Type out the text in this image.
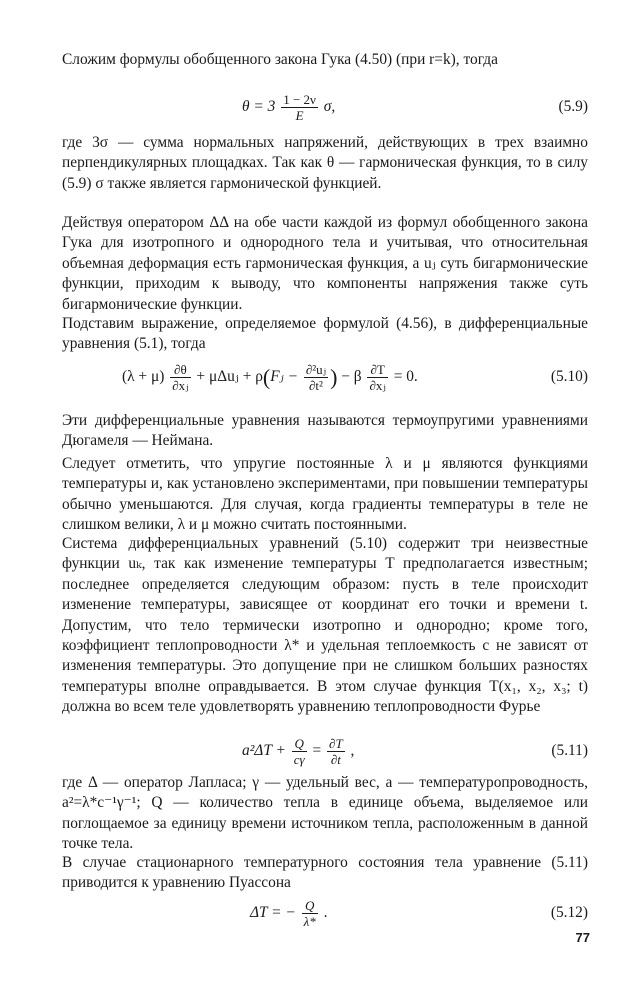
Сложим формулы обобщенного закона Гука (4.50) (при r=k), тогда

$\theta = 3 \frac{1 - 2\nu}{E} \sigma$,	(5.9)

где 3σ — сумма нормальных напряжений, действующих в трех взаимно перпендикулярных площадках. Так как θ — гармоническая функция, то в силу (5.9) σ также является гармонической функцией.

Действуя оператором ΔΔ на обе части каждой из формул обобщенного закона Гука для изотропного и однородного тела и учитывая, что относительная объемная деформация есть гармоническая функция, а uⱼ суть бигармонические функции, приходим к выводу, что компоненты напряжения также суть бигармонические функции.

Подставим выражение, определяемое формулой (4.56), в дифференциальные уравнения (5.1), тогда

$(\lambda + \mu) \frac{\partial\theta}{\text{∂xⱼ}}$ + μΔuⱼ + ρ(Fⱼ − $\frac{\text{∂²uⱼ}}{\text{∂t²}}$ ) − β $\frac{\partial T}{\text{∂xⱼ}} = 0$.	(5.10)

Эти дифференциальные уравнения называются термоупругими уравнениями Дюгамеля — Неймана.

Следует отметить, что упругие постоянные λ и μ являются функциями температуры и, как установлено экспериментами, при повышении температуры обычно уменьшаются. Для случая, когда градиенты температуры в теле не слишком велики, λ и μ можно считать постоянными.

Система дифференциальных уравнений (5.10) содержит три неизвестные функции uₖ, так как изменение температуры T предполагается известным; последнее определяется следующим образом: пусть в теле происходит изменение температуры, зависящее от координат его точки и времени t. Допустим, что тело термически изотропно и однородно; кроме того, коэффициент теплопроводности λ* и удельная теплоемкость c не зависят от изменения температуры. Это допущение при не слишком больших разностях температуры вполне оправдывается. В этом случае функция T(x₁, x₂, x₃; t) должна во всем теле удовлетворять уравнению теплопроводности Фурье

$a^2\Delta T + \frac{Q}{c\gamma} = \frac{\partial T}{\partial t}$ ,	(5.11)

где Δ — оператор Лапласа; γ — удельный вес, a — температуропроводность, a²=λ*c⁻¹γ⁻¹; Q — количество тепла в единице объема, выделяемое или поглощаемое за единицу времени источником тепла, расположенным в данной точке тела.

В случае стационарного температурного состояния тела уравнение (5.11) приводится к уравнению Пуассона

ΔT = − $\frac{Q}{\lambda*}$ .	(5.12)
77
